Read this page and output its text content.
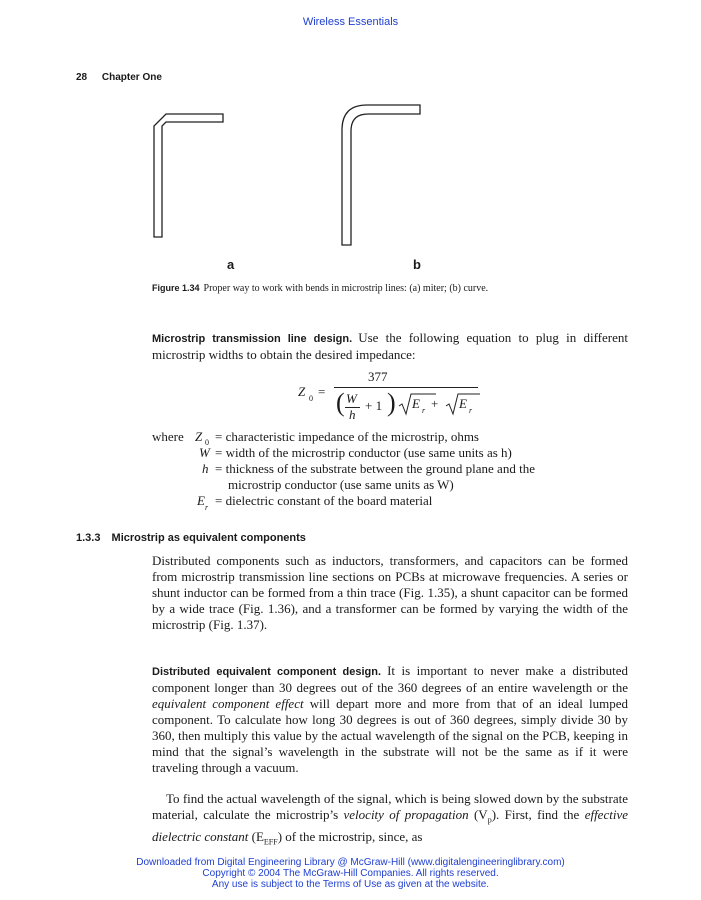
Wireless Essentials
28 Chapter One
a	b
Figure 1.34 Proper way to work with bends in microstrip lines: (a) miter; (b) curve.
Microstrip transmission line design. Use the following equation to plug in different microstrip widths to obtain the desired impedance:
Z 0 =
377
( W
h
+ 1 ) E r + E r
where Z 0 = characteristic impedance of the microstrip, ohms
W = width of the microstrip conductor (use same units as h)
h = thickness of the substrate between the ground plane and the
microstrip conductor (use same units as W)
E r = dielectric constant of the board material
1.3.3 Microstrip as equivalent components
Distributed components such as inductors, transformers, and capacitors can be formed from microstrip transmission line sections on PCBs at microwave frequencies. A series or shunt inductor can be formed from a thin trace (Fig. 1.35), a shunt capacitor can be formed by a wide trace (Fig. 1.36), and a transformer can be formed by varying the width of the microstrip (Fig. 1.37).
Distributed equivalent component design. It is important to never make a distributed component longer than 30 degrees out of the 360 degrees of an entire wavelength or the equivalent component effect will depart more and more from that of an ideal lumped component. To calculate how long 30 degrees is out of 360 degrees, simply divide 30 by 360, then multiply this value by the actual wavelength of the signal on the PCB, keeping in mind that the signal’s wavelength in the substrate will not be the same as if it were traveling through a vacuum.
To find the actual wavelength of the signal, which is being slowed down by the substrate material, calculate the microstrip’s velocity of propagation $(V_p)$. First, find the effective dielectric constant $(E_{EFF})$ of the microstrip, since, as
Downloaded from Digital Engineering Library @ McGraw-Hill (www.digitalengineeringlibrary.com)
Copyright © 2004 The McGraw-Hill Companies. All rights reserved.
Any use is subject to the Terms of Use as given at the website.
